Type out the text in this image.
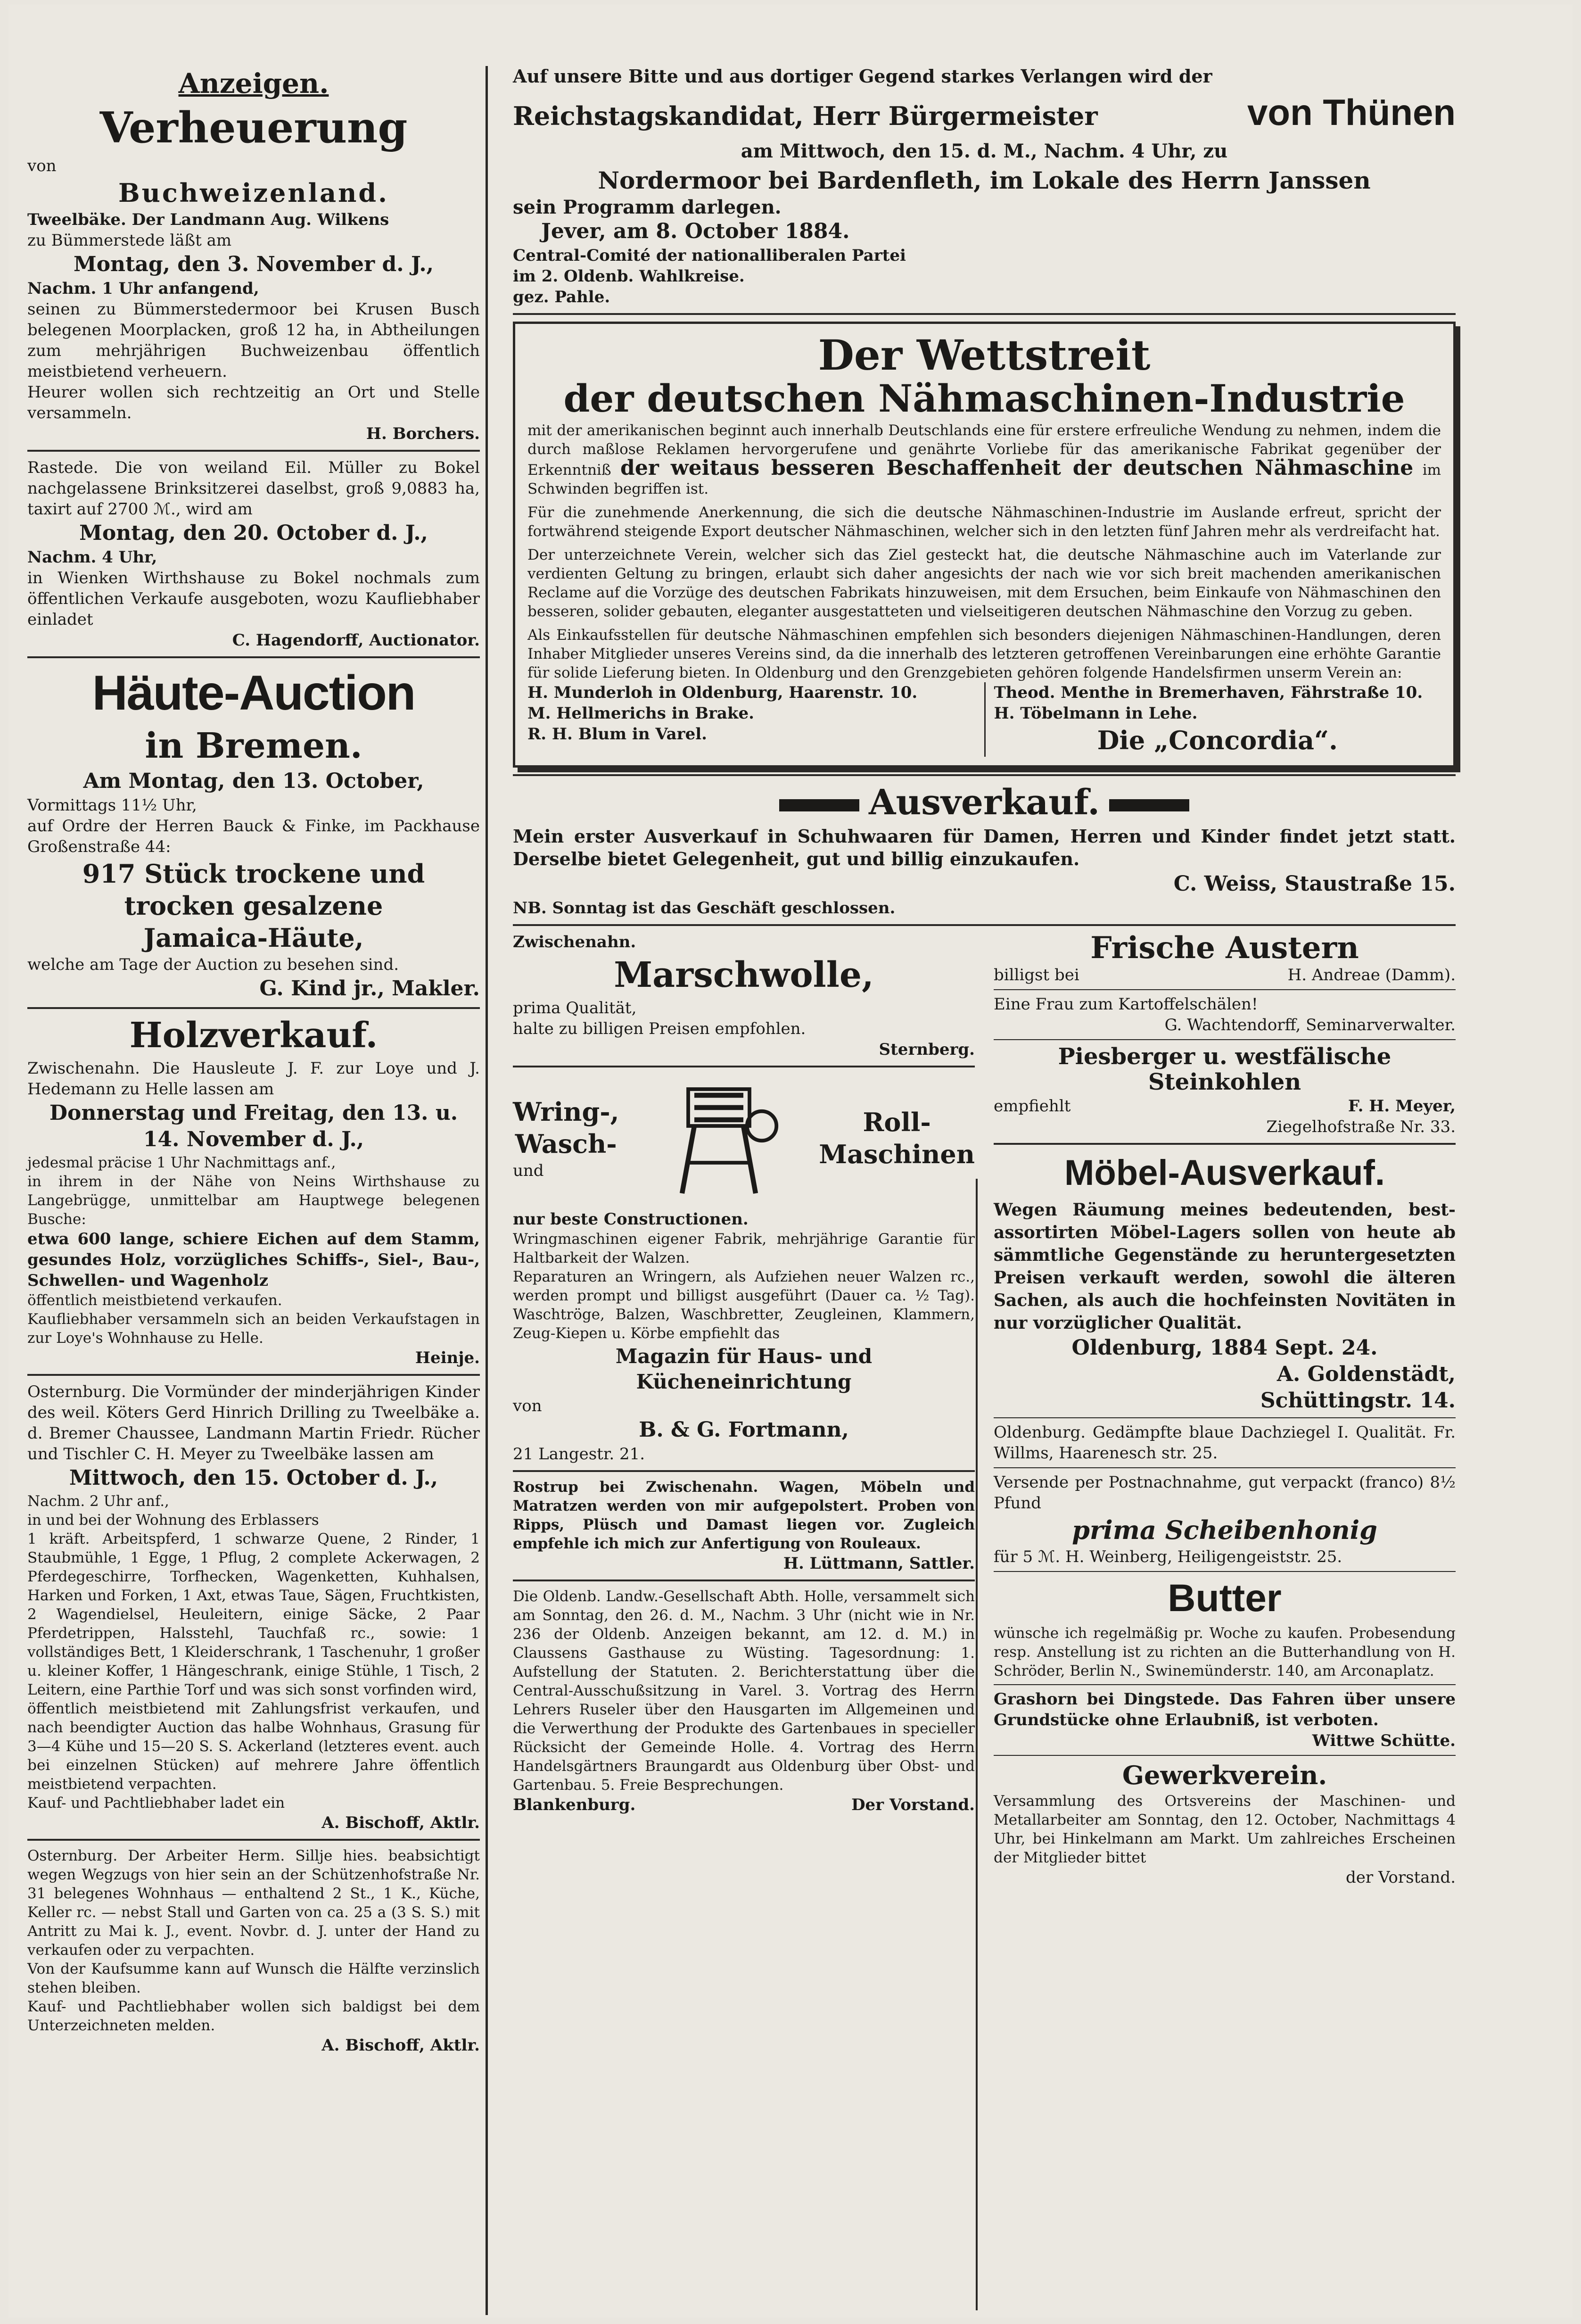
Anzeigen.
Verheuerung
von
Buchweizenland.

Tweelbäke. Der Landmann Aug. Wilkens

zu Bümmerstede läßt am

Montag, den 3. November d. J.,
Nachm. 1 Uhr anfangend,

seinen zu Bümmerstedermoor bei Krusen Busch belegenen Moorplacken, groß 12 ha, in Abtheilungen zum mehrjährigen Buchweizenbau öffentlich meistbietend verheuern.

Heurer wollen sich rechtzeitig an Ort und Stelle versammeln.

H. Borchers.

Rastede. Die von weiland Eil. Müller zu Bokel nachgelassene Brinksitzerei daselbst, groß 9,0883 ha, taxirt auf 2700 ℳ., wird am

Montag, den 20. October d. J.,
Nachm. 4 Uhr,

in Wienken Wirthshause zu Bokel nochmals zum öffentlichen Verkaufe ausgeboten, wozu Kaufliebhaber einladet

C. Hagendorff, Auctionator.
Häute-Auction
in Bremen.
Am Montag, den 13. October,
Vormittags 11½ Uhr,

auf Ordre der Herren Bauck & Finke, im Packhause Großenstraße 44:

917 Stück trockene und
trocken gesalzene
Jamaica-Häute,

welche am Tage der Auction zu besehen sind.

G. Kind jr., Makler.
Holzverkauf.

Zwischenahn. Die Hausleute J. F. zur Loye und J. Hedemann zu Helle lassen am

Donnerstag und Freitag, den 13. u.
14. November d. J.,

jedesmal präcise 1 Uhr Nachmittags anf.,

in ihrem in der Nähe von Neins Wirthshause zu Langebrügge, unmittelbar am Hauptwege belegenen Busche:

etwa 600 lange, schiere Eichen auf dem Stamm, gesundes Holz, vorzügliches Schiffs-, Siel-, Bau-, Schwellen- und Wagenholz

öffentlich meistbietend verkaufen.

Kaufliebhaber versammeln sich an beiden Verkaufstagen in zur Loye's Wohnhause zu Helle.

Heinje.

Osternburg. Die Vormünder der minderjährigen Kinder des weil. Köters Gerd Hinrich Drilling zu Tweelbäke a. d. Bremer Chaussee, Landmann Martin Friedr. Rücher und Tischler C. H. Meyer zu Tweelbäke lassen am

Mittwoch, den 15. October d. J.,
Nachm. 2 Uhr anf.,

in und bei der Wohnung des Erblassers

1 kräft. Arbeitspferd, 1 schwarze Quene, 2 Rinder, 1 Staubmühle, 1 Egge, 1 Pflug, 2 complete Ackerwagen, 2 Pferdegeschirre, Torfhecken, Wagenketten, Kuhhalsen, Harken und Forken, 1 Axt, etwas Taue, Sägen, Fruchtkisten, 2 Wagendielsel, Heuleitern, einige Säcke, 2 Paar Pferdetrippen, Halsstehl, Tauchfaß rc., sowie: 1 vollständiges Bett, 1 Kleiderschrank, 1 Taschenuhr, 1 großer u. kleiner Koffer, 1 Hängeschrank, einige Stühle, 1 Tisch, 2 Leitern, eine Parthie Torf und was sich sonst vorfinden wird,

öffentlich meistbietend mit Zahlungsfrist verkaufen, und nach beendigter Auction das halbe Wohnhaus, Grasung für 3—4 Kühe und 15—20 S. S. Ackerland (letzteres event. auch bei einzelnen Stücken) auf mehrere Jahre öffentlich meistbietend verpachten.

Kauf- und Pachtliebhaber ladet ein

A. Bischoff, Aktlr.

Osternburg. Der Arbeiter Herm. Sillje hies. beabsichtigt wegen Wegzugs von hier sein an der Schützenhofstraße Nr. 31 belegenes Wohnhaus — enthaltend 2 St., 1 K., Küche, Keller rc. — nebst Stall und Garten von ca. 25 a (3 S. S.) mit Antritt zu Mai k. J., event. Novbr. d. J. unter der Hand zu verkaufen oder zu verpachten.

Von der Kaufsumme kann auf Wunsch die Hälfte verzinslich stehen bleiben.

Kauf- und Pachtliebhaber wollen sich baldigst bei dem Unterzeichneten melden.

A. Bischoff, Aktlr.

Auf unsere Bitte und aus dortiger Gegend starkes Verlangen wird der

Reichstagskandidat, Herr Bürgermeister	von Thünen
am Mittwoch, den 15. d. M., Nachm. 4 Uhr, zu
Nordermoor bei Bardenfleth, im Lokale des Herrn Janssen

sein Programm darlegen.

Jever, am 8. October 1884.
Central-Comité der nationalliberalen Partei
im 2. Oldenb. Wahlkreise.
gez. Pahle.
Der Wettstreit
der deutschen Nähmaschinen-Industrie

mit der amerikanischen beginnt auch innerhalb Deutschlands eine für erstere erfreuliche Wendung zu nehmen, indem die durch maßlose Reklamen hervorgerufene und genährte Vorliebe für das amerikanische Fabrikat gegenüber der Erkenntniß der weitaus besseren Beschaffenheit der deutschen Nähmaschine im Schwinden begriffen ist.

Für die zunehmende Anerkennung, die sich die deutsche Nähmaschinen-Industrie im Auslande erfreut, spricht der fortwährend steigende Export deutscher Nähmaschinen, welcher sich in den letzten fünf Jahren mehr als verdreifacht hat.

Der unterzeichnete Verein, welcher sich das Ziel gesteckt hat, die deutsche Nähmaschine auch im Vaterlande zur verdienten Geltung zu bringen, erlaubt sich daher angesichts der nach wie vor sich breit machenden amerikanischen Reclame auf die Vorzüge des deutschen Fabrikats hinzuweisen, mit dem Ersuchen, beim Einkaufe von Nähmaschinen den besseren, solider gebauten, eleganter ausgestatteten und vielseitigeren deutschen Nähmaschine den Vorzug zu geben.

Als Einkaufsstellen für deutsche Nähmaschinen empfehlen sich besonders diejenigen Nähmaschinen-Handlungen, deren Inhaber Mitglieder unseres Vereins sind, da die innerhalb des letzteren getroffenen Vereinbarungen eine erhöhte Garantie für solide Lieferung bieten. In Oldenburg und den Grenzgebieten gehören folgende Handelsfirmen unserm Verein an:

H. Munderloh in Oldenburg, Haarenstr. 10.
M. Hellmerichs in Brake.
R. H. Blum in Varel.
Theod. Menthe in Bremerhaven, Fährstraße 10.
H. Töbelmann in Lehe.
Die „Concordia“.
Ausverkauf.

Mein erster Ausverkauf in Schuhwaaren für Damen, Herren und Kinder findet jetzt statt. Derselbe bietet Gelegenheit, gut und billig einzukaufen.

C. Weiss, Staustraße 15.
NB. Sonntag ist das Geschäft geschlossen.
Zwischenahn.
Marschwolle,
prima Qualität,
halte zu billigen Preisen empfohlen.
Sternberg.
Wring-,
Wasch-
und
Roll-
Maschinen
nur beste Constructionen.

Wringmaschinen eigener Fabrik, mehrjährige Garantie für Haltbarkeit der Walzen.

Reparaturen an Wringern, als Aufziehen neuer Walzen rc., werden prompt und billigst ausgeführt (Dauer ca. ½ Tag). Waschtröge, Balzen, Waschbretter, Zeugleinen, Klammern, Zeug-Kiepen u. Körbe empfiehlt das

Magazin für Haus- und Kücheneinrichtung
von
B. & G. Fortmann,
21 Langestr. 21.

Rostrup bei Zwischenahn. Wagen, Möbeln und Matratzen werden von mir aufgepolstert. Proben von Ripps, Plüsch und Damast liegen vor. Zugleich empfehle ich mich zur Anfertigung von Rouleaux.

H. Lüttmann, Sattler.

Die Oldenb. Landw.-Gesellschaft Abth. Holle, versammelt sich am Sonntag, den 26. d. M., Nachm. 3 Uhr (nicht wie in Nr. 236 der Oldenb. Anzeigen bekannt, am 12. d. M.) in Claussens Gasthause zu Wüsting. Tagesordnung: 1. Aufstellung der Statuten. 2. Berichterstattung über die Central-Ausschußsitzung in Varel. 3. Vortrag des Herrn Lehrers Ruseler über den Hausgarten im Allgemeinen und die Verwerthung der Produkte des Gartenbaues in specieller Rücksicht der Gemeinde Holle. 4. Vortrag des Herrn Handelsgärtners Braungardt aus Oldenburg über Obst- und Gartenbau. 5. Freie Besprechungen.

Blankenburg.	Der Vorstand.
Frische Austern
billigst bei	H. Andreae (Damm).
Eine Frau zum Kartoffelschälen!
G. Wachtendorff, Seminarverwalter.
Piesberger u. westfälische Steinkohlen
empfiehlt	F. H. Meyer,
Ziegelhofstraße Nr. 33.
Möbel-Ausverkauf.

Wegen Räumung meines bedeutenden, best-assortirten Möbel-Lagers sollen von heute ab sämmtliche Gegenstände zu heruntergesetzten Preisen verkauft werden, sowohl die älteren Sachen, als auch die hochfeinsten Novitäten in nur vorzüglicher Qualität.

Oldenburg, 1884 Sept. 24.
A. Goldenstädt,
Schüttingstr. 14.

Oldenburg. Gedämpfte blaue Dachziegel I. Qualität. Fr. Willms, Haarenesch str. 25.

Versende per Postnachnahme, gut verpackt (franco) 8½ Pfund

prima Scheibenhonig

für 5 ℳ. H. Weinberg, Heiligengeiststr. 25.

Butter

wünsche ich regelmäßig pr. Woche zu kaufen. Probesendung resp. Anstellung ist zu richten an die Butterhandlung von H. Schröder, Berlin N., Swinemünderstr. 140, am Arconaplatz.

Grashorn bei Dingstede. Das Fahren über unsere Grundstücke ohne Erlaubniß, ist verboten.

Wittwe Schütte.
Gewerkverein.

Versammlung des Ortsvereins der Maschinen- und Metallarbeiter am Sonntag, den 12. October, Nachmittags 4 Uhr, bei Hinkelmann am Markt. Um zahlreiches Erscheinen der Mitglieder bittet

der Vorstand.
